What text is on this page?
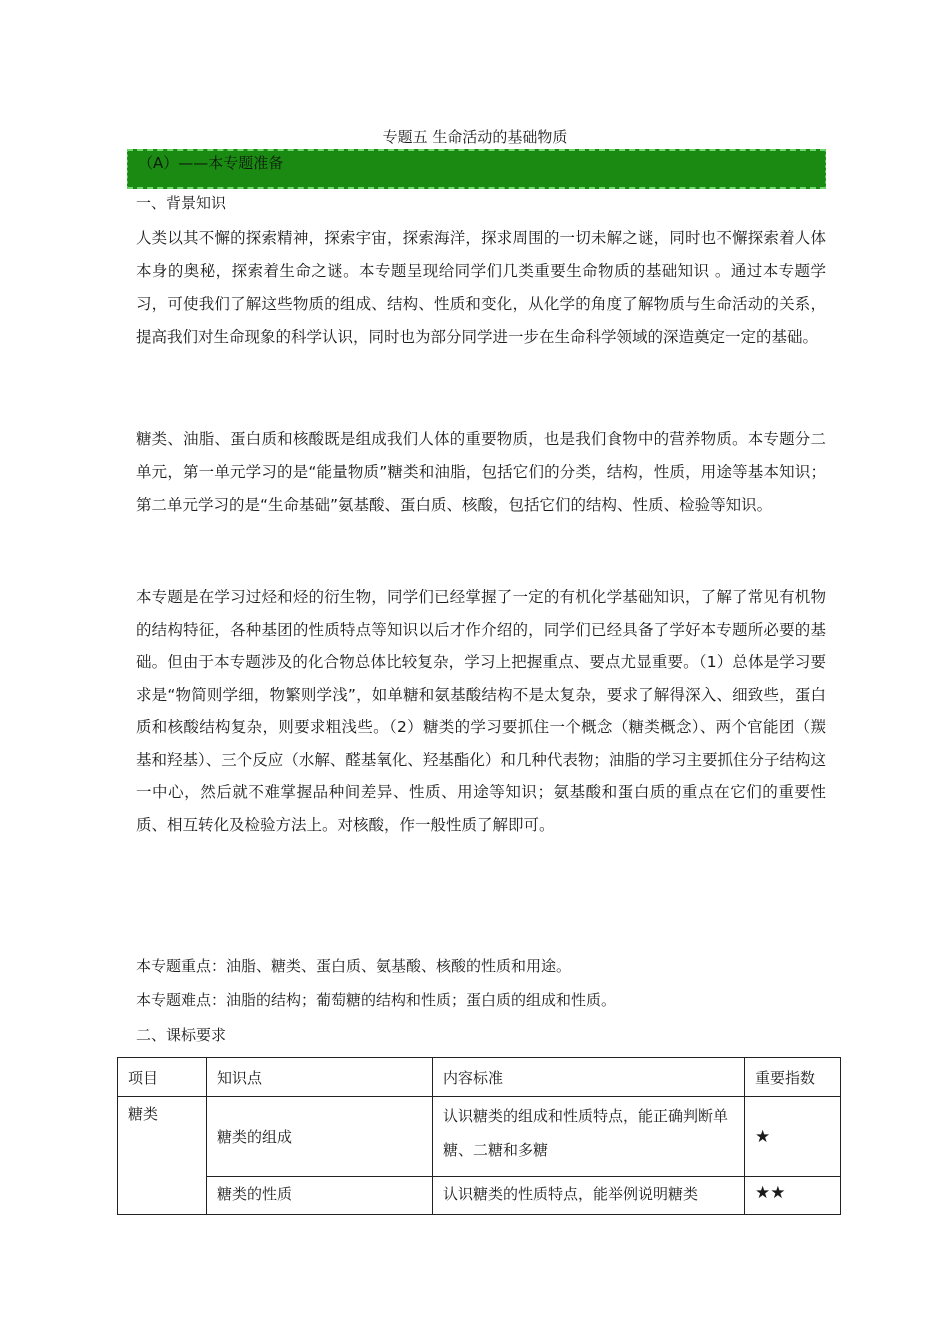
专题五 生命活动的基础物质
（A）——本专题准备
一、背景知识

人类以其不懈的探索精神，探索宇宙，探索海洋，探求周围的一切未解之谜，同时也不懈探索着人体本身的奥秘，探索着生命之谜。本专题呈现给同学们几类重要生命物质的基础知识 。通过本专题学习，可使我们了解这些物质的组成、结构、性质和变化，从化学的角度了解物质与生命活动的关系，提高我们对生命现象的科学认识，同时也为部分同学进一步在生命科学领域的深造奠定一定的基础。

糖类、油脂、蛋白质和核酸既是组成我们人体的重要物质，也是我们食物中的营养物质。本专题分二单元，第一单元学习的是“能量物质”糖类和油脂，包括它们的分类，结构，性质，用途等基本知识；第二单元学习的是“生命基础”氨基酸、蛋白质、核酸，包括它们的结构、性质、检验等知识。

本专题是在学习过烃和烃的衍生物，同学们已经掌握了一定的有机化学基础知识，了解了常见有机物的结构特征，各种基团的性质特点等知识以后才作介绍的，同学们已经具备了学好本专题所必要的基础。但由于本专题涉及的化合物总体比较复杂，学习上把握重点、要点尤显重要。（1）总体是学习要求是“物简则学细，物繁则学浅”，如单糖和氨基酸结构不是太复杂，要求了解得深入、细致些，蛋白质和核酸结构复杂，则要求粗浅些。（2）糖类的学习要抓住一个概念（糖类概念）、两个官能团（羰基和羟基）、三个反应（水解、醛基氧化、羟基酯化）和几种代表物；油脂的学习主要抓住分子结构这一中心，然后就不难掌握品种间差异、性质、用途等知识；氨基酸和蛋白质的重点在它们的重要性质、相互转化及检验方法上。对核酸，作一般性质了解即可。

本专题重点：油脂、糖类、蛋白质、氨基酸、核酸的性质和用途。
本专题难点：油脂的结构；葡萄糖的结构和性质；蛋白质的组成和性质。
二、课标要求
项目	知识点	内容标准	重要指数

糖类	糖类的组成	认识糖类的组成和性质特点，能正确判断单糖、二糖和多糖	★

	糖类的性质	认识糖类的性质特点，能举例说明糖类	★★
